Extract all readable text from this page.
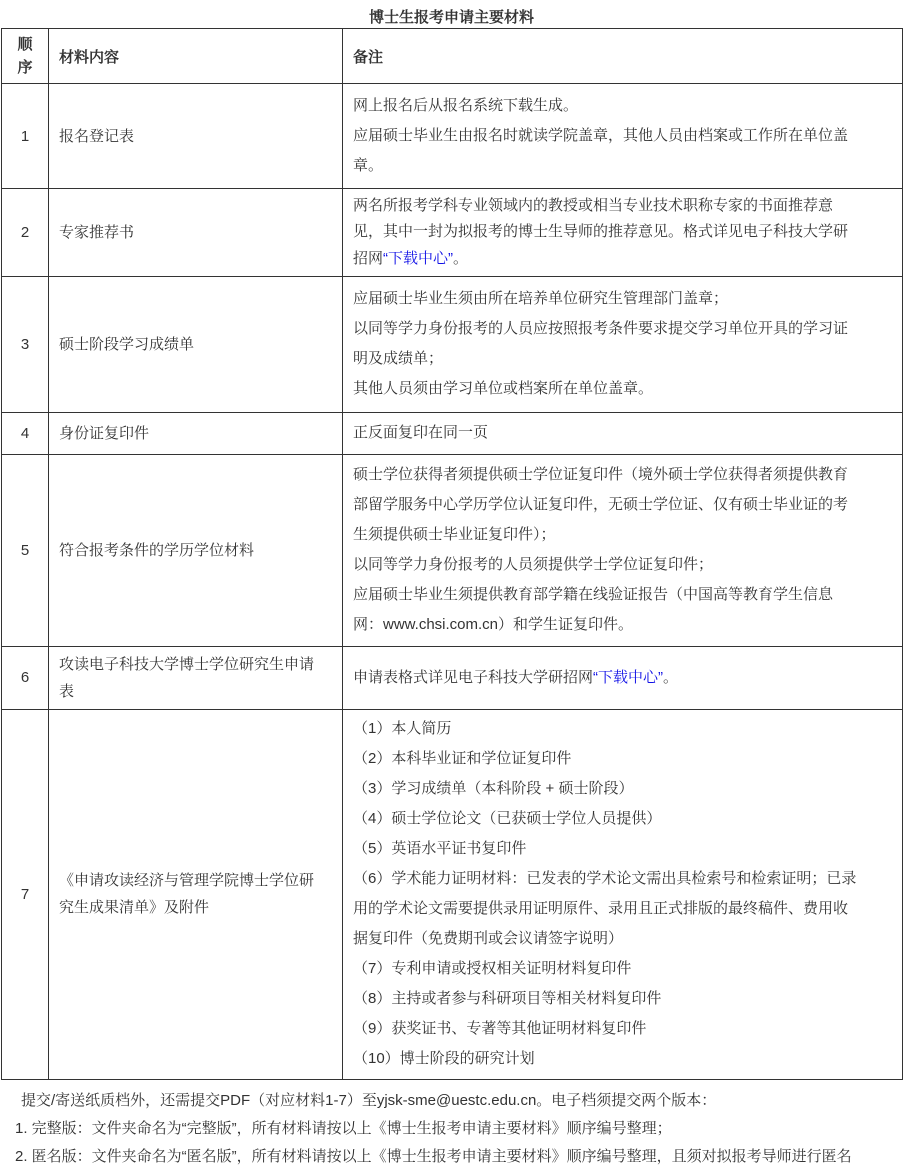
博士生报考申请主要材料
顺序	材料内容	备注
1	报名登记表	网上报名后从报名系统下载生成。
应届硕士毕业生由报名时就读学院盖章，其他人员由档案或工作所在单位盖章。

2	专家推荐书	两名所报考学科专业领域内的教授或相当专业技术职称专家的书面推荐意见，其中一封为拟报考的博士生导师的推荐意见。格式详见电子科技大学研招网“下载中心”。
3	硕士阶段学习成绩单	应届硕士毕业生须由所在培养单位研究生管理部门盖章；
以同等学力身份报考的人员应按照报考条件要求提交学习单位开具的学习证明及成绩单；
其他人员须由学习单位或档案所在单位盖章。

4	身份证复印件	正反面复印在同一页

5	符合报考条件的学历学位材料	硕士学位获得者须提供硕士学位证复印件（境外硕士学位获得者须提供教育部留学服务中心学历学位认证复印件，无硕士学位证、仅有硕士毕业证的考生须提供硕士毕业证复印件）；
以同等学力身份报考的人员须提供学士学位证复印件；
应届硕士毕业生须提供教育部学籍在线验证报告（中国高等教育学生信息网：www.chsi.com.cn）和学生证复印件。

6	攻读电子科技大学博士学位研究生申请表	申请表格式详见电子科技大学研招网“下载中心”。
7	《申请攻读经济与管理学院博士学位研究生成果清单》及附件	
（1）本人简历
（2）本科毕业证和学位证复印件
（3）学习成绩单（本科阶段 + 硕士阶段）
（4）硕士学位论文（已获硕士学位人员提供）
（5）英语水平证书复印件
（6）学术能力证明材料：已发表的学术论文需出具检索号和检索证明；已录用的学术论文需要提供录用证明原件、录用且正式排版的最终稿件、费用收据复印件（免费期刊或会议请签字说明）
（7）专利申请或授权相关证明材料复印件
（8）主持或者参与科研项目等相关材料复印件
（9）获奖证书、专著等其他证明材料复印件
（10）博士阶段的研究计划
提交/寄送纸质档外，还需提交PDF（对应材料1-7）至yjsk-sme@uestc.edu.cn。电子档须提交两个版本：
1. 完整版：文件夹命名为“完整版”，所有材料请按以上《博士生报考申请主要材料》顺序编号整理；
2. 匿名版：文件夹命名为“匿名版”，所有材料请按以上《博士生报考申请主要材料》顺序编号整理，且须对拟报考导师进行匿名
